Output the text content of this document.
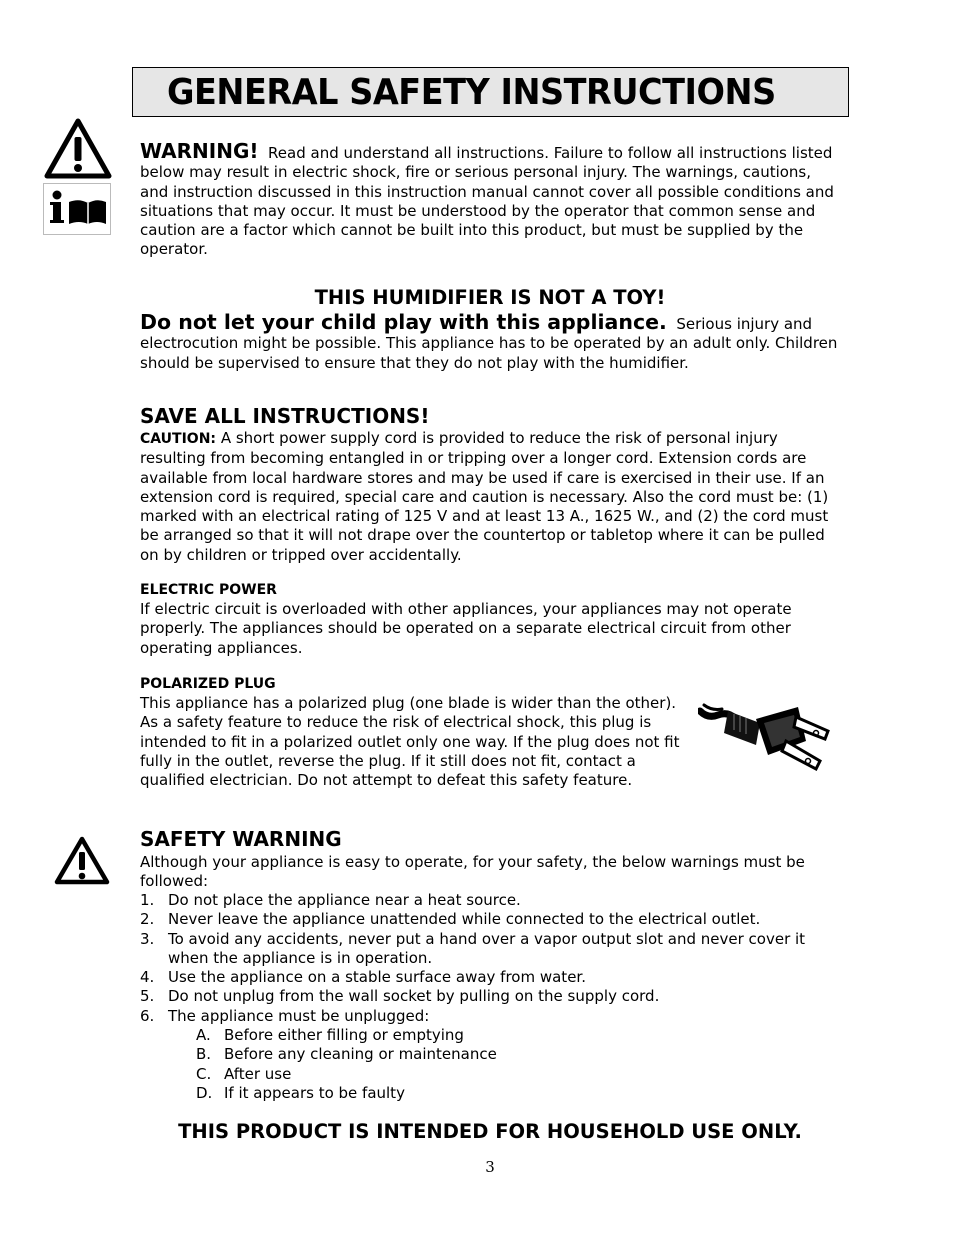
GENERAL SAFETY INSTRUCTIONS
WARNING! Read and understand all instructions. Failure to follow all instructions listed below may result in electric shock, fire or serious personal injury. The warnings, cautions, and instruction discussed in this instruction manual cannot cover all possible conditions and situations that may occur. It must be understood by the operator that common sense and caution are a factor which cannot be built into this product, but must be supplied by the operator.
THIS HUMIDIFIER IS NOT A TOY!
Do not let your child play with this appliance. Serious injury and electrocution might be possible. This appliance has to be operated by an adult only. Children should be supervised to ensure that they do not play with the humidifier.
SAVE ALL INSTRUCTIONS!
CAUTION: A short power supply cord is provided to reduce the risk of personal injury resulting from becoming entangled in or tripping over a longer cord. Extension cords are available from local hardware stores and may be used if care is exercised in their use. If an extension cord is required, special care and caution is necessary. Also the cord must be: (1) marked with an electrical rating of 125 V and at least 13 A., 1625 W., and (2) the cord must be arranged so that it will not drape over the countertop or tabletop where it can be pulled on by children or tripped over accidentally.
ELECTRIC POWER
If electric circuit is overloaded with other appliances, your appliances may not operate properly. The appliances should be operated on a separate electrical circuit from other operating appliances.
POLARIZED PLUG
This appliance has a polarized plug (one blade is wider than the other). As a safety feature to reduce the risk of electrical shock, this plug is intended to fit in a polarized outlet only one way. If the plug does not fit fully in the outlet, reverse the plug. If it still does not fit, contact a qualified electrician. Do not attempt to defeat this safety feature.
SAFETY WARNING
Although your appliance is easy to operate, for your safety, the below warnings must be followed:
1. Do not place the appliance near a heat source.
2. Never leave the appliance unattended while connected to the electrical outlet.
3. To avoid any accidents, never put a hand over a vapor output slot and never cover it when the appliance is in operation.
4. Use the appliance on a stable surface away from water.
5. Do not unplug from the wall socket by pulling on the supply cord.
6. The appliance must be unplugged:
A. Before either filling or emptying
B. Before any cleaning or maintenance
C. After use
D. If it appears to be faulty
THIS PRODUCT IS INTENDED FOR HOUSEHOLD USE ONLY.
3
